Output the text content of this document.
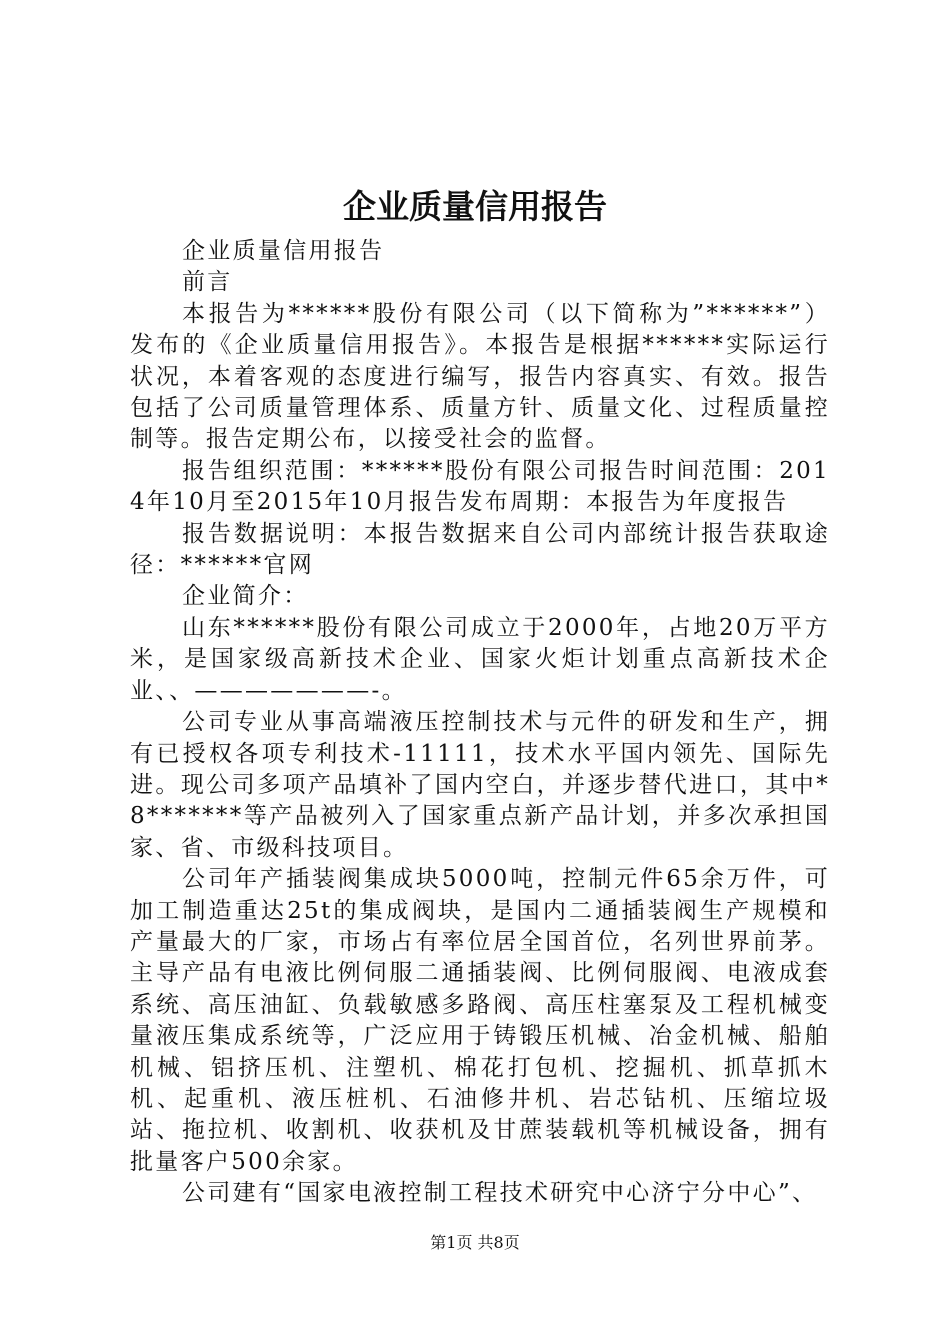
企业质量信用报告

企业质量信用报告

前言

本报告为******股份有限公司（以下简称为”******”）发布的《企业质量信用报告》。本报告是根据******实际运行状况，本着客观的态度进行编写，报告内容真实、有效。报告包括了公司质量管理体系、质量方针、质量文化、过程质量控制等。报告定期公布，以接受社会的监督。

报告组织范围：******股份有限公司报告时间范围：2014年10月至2015年10月报告发布周期：本报告为年度报告

报告数据说明：本报告数据来自公司内部统计报告获取途径：******官网

企业简介：

山东******股份有限公司成立于2000年，占地20万平方米，是国家级高新技术企业、国家火炬计划重点高新技术企业、、———————-。

公司专业从事高端液压控制技术与元件的研发和生产，拥有已授权各项专利技术-11111，技术水平国内领先、国际先进。现公司多项产品填补了国内空白，并逐步替代进口，其中*8*******等产品被列入了国家重点新产品计划，并多次承担国家、省、市级科技项目。

公司年产插装阀集成块5000吨，控制元件65余万件，可加工制造重达25t的集成阀块，是国内二通插装阀生产规模和产量最大的厂家，市场占有率位居全国首位，名列世界前茅。主导产品有电液比例伺服二通插装阀、比例伺服阀、电液成套系统、高压油缸、负载敏感多路阀、高压柱塞泵及工程机械变量液压集成系统等，广泛应用于铸锻压机械、冶金机械、船舶机械、铝挤压机、注塑机、棉花打包机、挖掘机、抓草抓木机、起重机、液压桩机、石油修井机、岩芯钻机、压缩垃圾站、拖拉机、收割机、收获机及甘蔗装载机等机械设备，拥有批量客户500余家。

公司建有“国家电液控制工程技术研究中心济宁分中心”、

第1页 共8页
